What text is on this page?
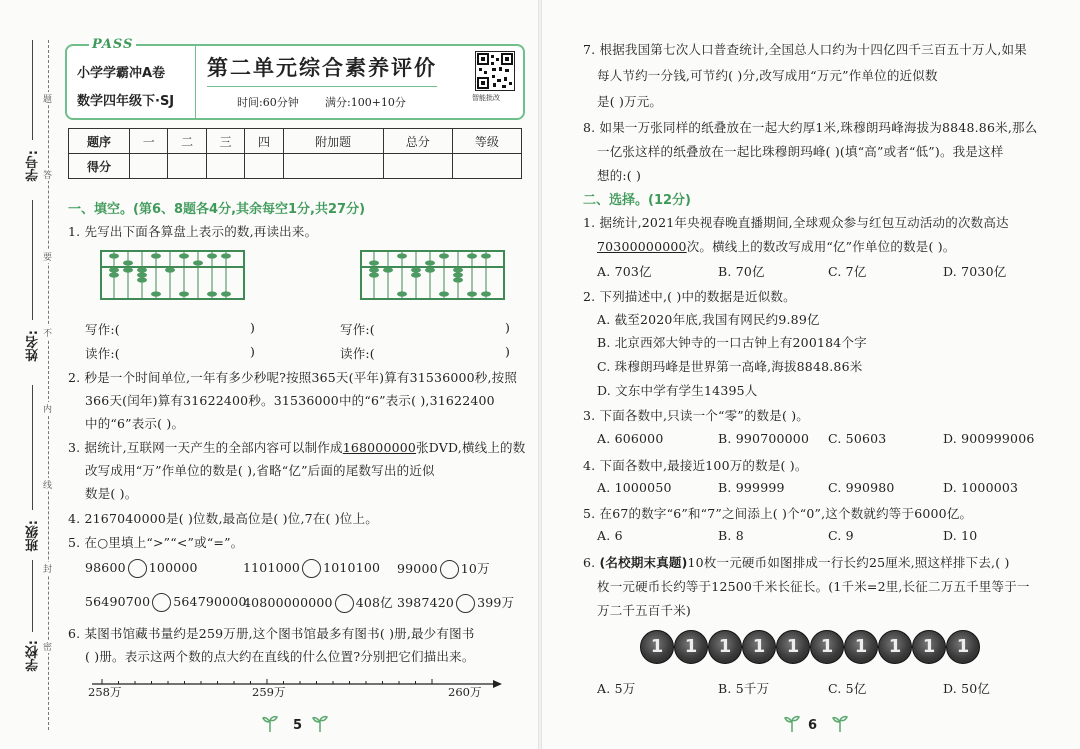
题
答
要
不
内
线
封
密
学号:
姓名:
班级:
学校:
PASS
小学学霸冲A卷
数学四年级下·SJ
第二单元综合素养评价
时间:60分钟 满分:100+10分	智能批改
题序	一	二	三	四	附加题	总分	等级
得分							
一、填空。(第6、8题各4分,其余每空1分,共27分)
1. 先写出下面各算盘上表示的数,再读出来。
写作:(	)
读作:(	)
写作:(	)
读作:(	)
2. 秒是一个时间单位,一年有多少秒呢?按照365天(平年)算有31536000秒,按照
366天(闰年)算有31622400秒。31536000中的“6”表示( ),31622400
中的“6”表示( )。
3. 据统计,互联网一天产生的全部内容可以制作成168000000张DVD,横线上的数
改写成用“万”作单位的数是( ),省略“亿”后面的尾数写出的近似
数是( )。
4. 2167040000是( )位数,最高位是( )位,7在( )位上。
5. 在○里填上“>”“<”或“=”。
98600 100000	1101000 1010100 99000 10万
56490700 564790000
40800000000 408亿 3987420 399万
6. 某图书馆藏书量约是259万册,这个图书馆最多有图书( )册,最少有图书
( )册。表示这两个数的点大约在直线的什么位置?分别把它们描出来。
258万	259万	260万
5
7. 根据我国第七次人口普查统计,全国总人口约为十四亿四千三百五十万人,如果
每人节约一分钱,可节约( )分,改写成用“万元”作单位的近似数
是( )万元。
8. 如果一万张同样的纸叠放在一起大约厚1米,珠穆朗玛峰海拔为8848.86米,那么
一亿张这样的纸叠放在一起比珠穆朗玛峰( )(填“高”或者“低”)。我是这样
想的:( )
二、选择。(12分)
1. 据统计,2021年央视春晚直播期间,全球观众参与红包互动活动的次数高达
70300000000次。横线上的数改写成用“亿”作单位的数是( )。
A. 703亿	B. 70亿	C. 7亿	D. 7030亿
2. 下列描述中,( )中的数据是近似数。
A. 截至2020年底,我国有网民约9.89亿
B. 北京西郊大钟寺的一口古钟上有200184个字
C. 珠穆朗玛峰是世界第一高峰,海拔8848.86米
D. 文东中学有学生14395人
3. 下面各数中,只读一个“零”的数是( )。
A. 606000	B. 990700000 C. 50603	D. 900999006
4. 下面各数中,最接近100万的数是( )。
A. 1000050	B. 999999	C. 990980	D. 1000003
5. 在67的数字“6”和“7”之间添上( )个“0”,这个数就约等于6000亿。
A. 6	B. 8	C. 9	D. 10
6. (名校期末真题)10枚一元硬币如图排成一行长约25厘米,照这样排下去,( )
枚一元硬币长约等于12500千米长征长。(1千米=2里,长征二万五千里等于一
万二千五百千米)
1	1	1	1	1	1	1	1	1	1
A. 5万	B. 5千万	C. 5亿	D. 50亿
6
